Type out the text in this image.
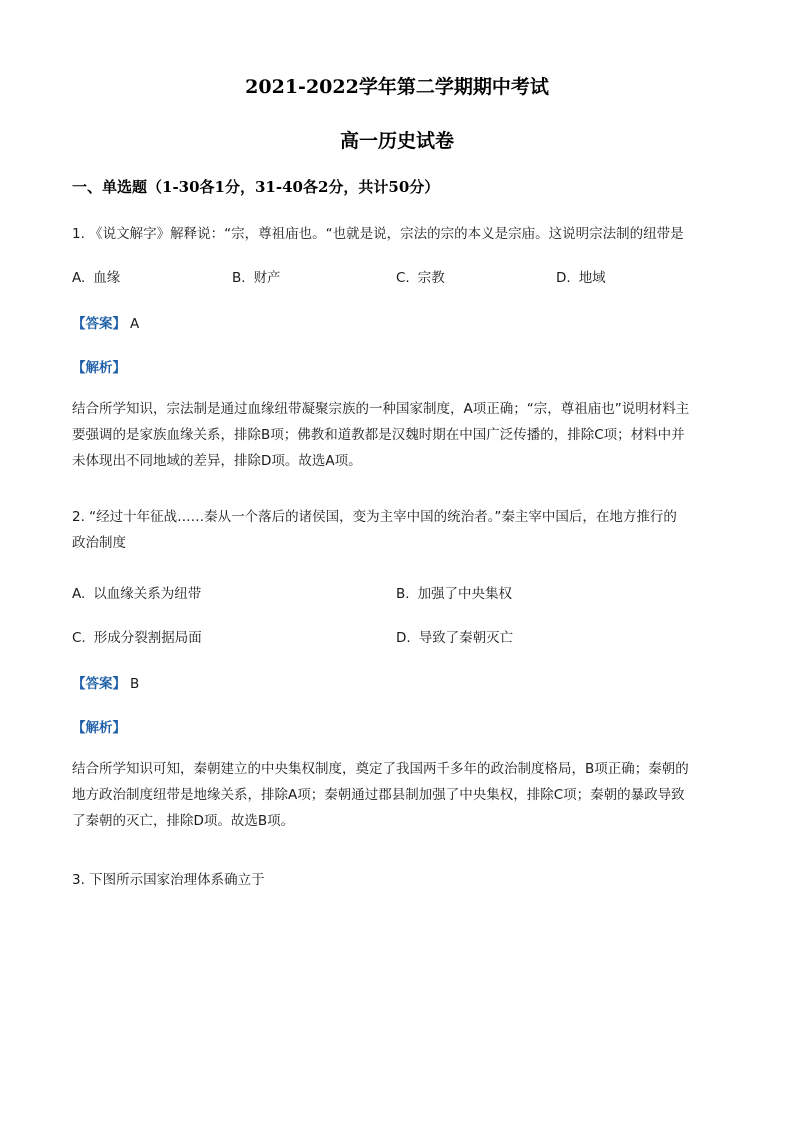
2021-2022学年第二学期期中考试
高一历史试卷
一、单选题（1-30各1分，31-40各2分，共计50分）
1. 《说文解字》解释说：“宗，尊祖庙也。“也就是说，宗法的宗的本义是宗庙。这说明宗法制的纽带是
A. 血缘	B. 财产	C. 宗教	D. 地域
【答案】 A
【解析】
结合所学知识，宗法制是通过血缘纽带凝聚宗族的一种国家制度，A项正确；“宗，尊祖庙也”说明材料主
要强调的是家族血缘关系，排除B项；佛教和道教都是汉魏时期在中国广泛传播的，排除C项；材料中并
未体现出不同地域的差异，排除D项。故选A项。
2. “经过十年征战……秦从一个落后的诸侯国，变为主宰中国的统治者。”秦主宰中国后，在地方推行的
政治制度
A. 以血缘关系为纽带	B. 加强了中央集权
C. 形成分裂割据局面	D. 导致了秦朝灭亡
【答案】 B
【解析】
结合所学知识可知，秦朝建立的中央集权制度，奠定了我国两千多年的政治制度格局，B项正确；秦朝的
地方政治制度纽带是地缘关系，排除A项；秦朝通过郡县制加强了中央集权，排除C项；秦朝的暴政导致
了秦朝的灭亡，排除D项。故选B项。
3. 下图所示国家治理体系确立于
